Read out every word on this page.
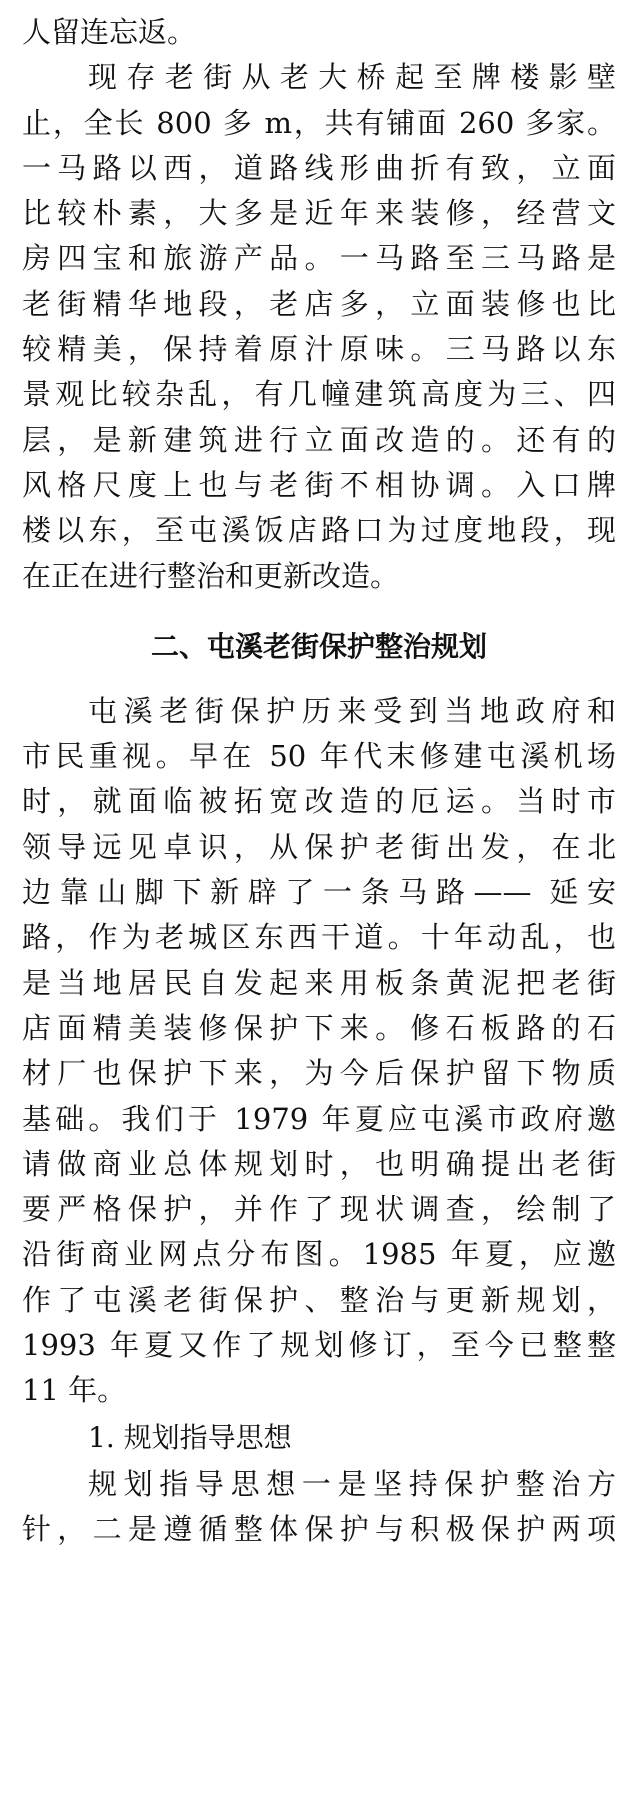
人留连忘返。
现存老街从老大桥起至牌楼影壁
止，全长 800 多 m，共有铺面 260 多家。
一马路以西，道路线形曲折有致，立面
比较朴素，大多是近年来装修，经营文
房四宝和旅游产品。一马路至三马路是
老街精华地段，老店多，立面装修也比
较精美，保持着原汁原味。三马路以东
景观比较杂乱，有几幢建筑高度为三、四
层，是新建筑进行立面改造的。还有的
风格尺度上也与老街不相协调。入口牌
楼以东，至屯溪饭店路口为过度地段，现
在正在进行整治和更新改造。
二、屯溪老街保护整治规划
屯溪老街保护历来受到当地政府和
市民重视。早在 50 年代末修建屯溪机场
时，就面临被拓宽改造的厄运。当时市
领导远见卓识，从保护老街出发，在北
边靠山脚下新辟了一条马路—— 延安
路，作为老城区东西干道。十年动乱，也
是当地居民自发起来用板条黄泥把老街
店面精美装修保护下来。修石板路的石
材厂也保护下来，为今后保护留下物质
基础。我们于 1979 年夏应屯溪市政府邀
请做商业总体规划时，也明确提出老街
要严格保护，并作了现状调查，绘制了
沿街商业网点分布图。1985 年夏，应邀
作了屯溪老街保护、整治与更新规划，
1993 年夏又作了规划修订，至今已整整
11 年。
1. 规划指导思想
规划指导思想一是坚持保护整治方
针，二是遵循整体保护与积极保护两项
